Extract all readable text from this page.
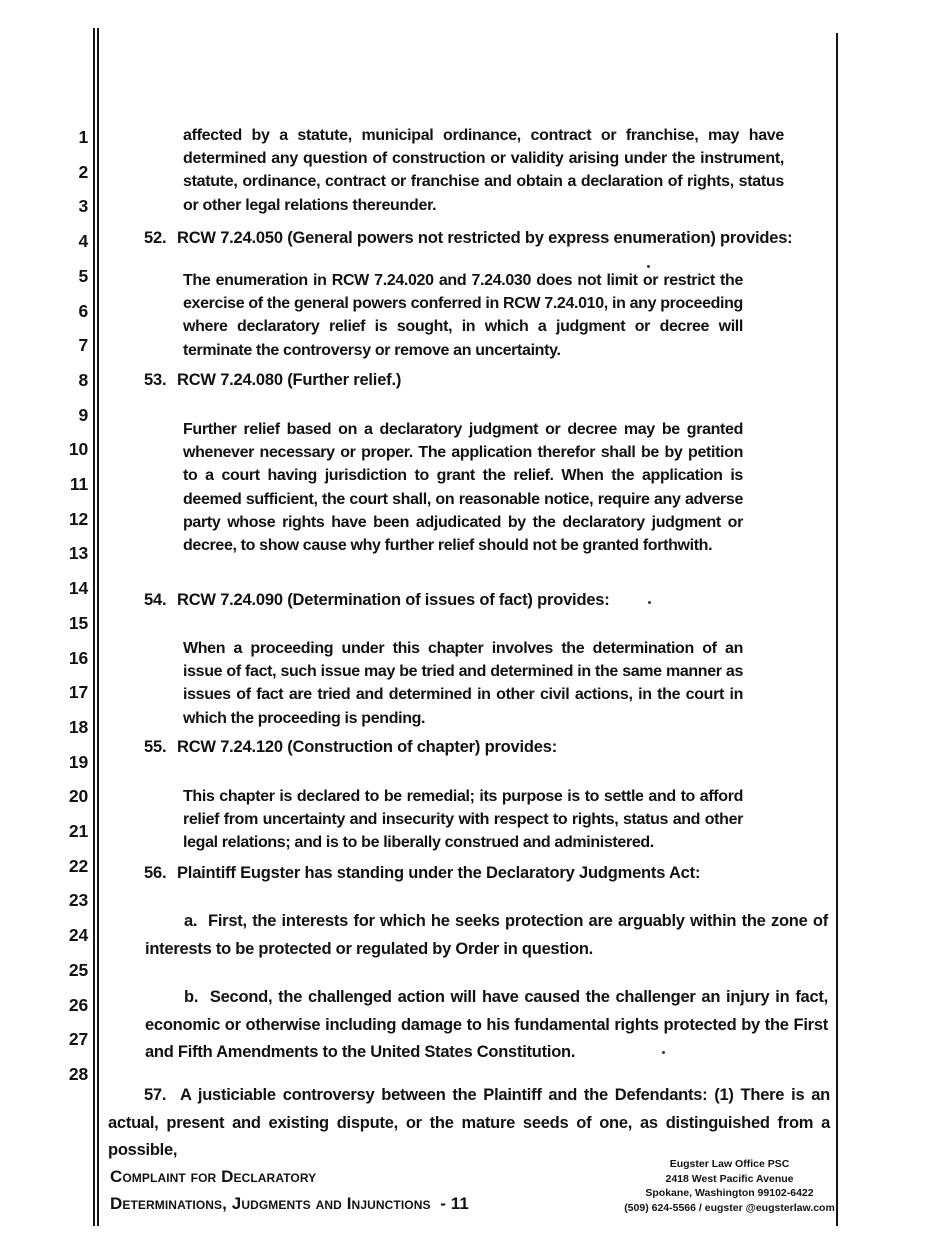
1
2
3
4
5
6
7
8
9
10
11
12
13
14
15
16
17
18
19
20
21
22
23
24
25
26
27
28
affected by a statute, municipal ordinance, contract or franchise, may have determined any question of construction or validity arising under the instrument, statute, ordinance, contract or franchise and obtain a declaration of rights, status or other legal relations thereunder.
52. RCW 7.24.050 (General powers not restricted by express enumeration) provides:
The enumeration in RCW 7.24.020 and 7.24.030 does not limit or restrict the exercise of the general powers conferred in RCW 7.24.010, in any proceeding where declaratory relief is sought, in which a judgment or decree will terminate the controversy or remove an uncertainty.
53. RCW 7.24.080 (Further relief.)
Further relief based on a declaratory judgment or decree may be granted whenever necessary or proper. The application therefor shall be by petition to a court having jurisdiction to grant the relief. When the application is deemed sufficient, the court shall, on reasonable notice, require any adverse party whose rights have been adjudicated by the declaratory judgment or decree, to show cause why further relief should not be granted forthwith.
54. RCW 7.24.090 (Determination of issues of fact) provides:
When a proceeding under this chapter involves the determination of an issue of fact, such issue may be tried and determined in the same manner as issues of fact are tried and determined in other civil actions, in the court in which the proceeding is pending.
55. RCW 7.24.120 (Construction of chapter) provides:
This chapter is declared to be remedial; its purpose is to settle and to afford relief from uncertainty and insecurity with respect to rights, status and other legal relations; and is to be liberally construed and administered.
56. Plaintiff Eugster has standing under the Declaratory Judgments Act:
a.  First, the interests for which he seeks protection are arguably within the zone of interests to be protected or regulated by Order in question.
b.  Second, the challenged action will have caused the challenger an injury in fact, economic or otherwise including damage to his fundamental rights protected by the First and Fifth Amendments to the United States Constitution.
57.  A justiciable controversy between the Plaintiff and the Defendants: (1) There is an actual, present and existing dispute, or the mature seeds of one, as distinguished from a possible,
Complaint for Declaratory
Determinations, Judgments and Injunctions  - 11
Eugster Law Office PSC
2418 West Pacific Avenue
Spokane, Washington 99102-6422
(509) 624-5566 / eugster @eugsterlaw.com
